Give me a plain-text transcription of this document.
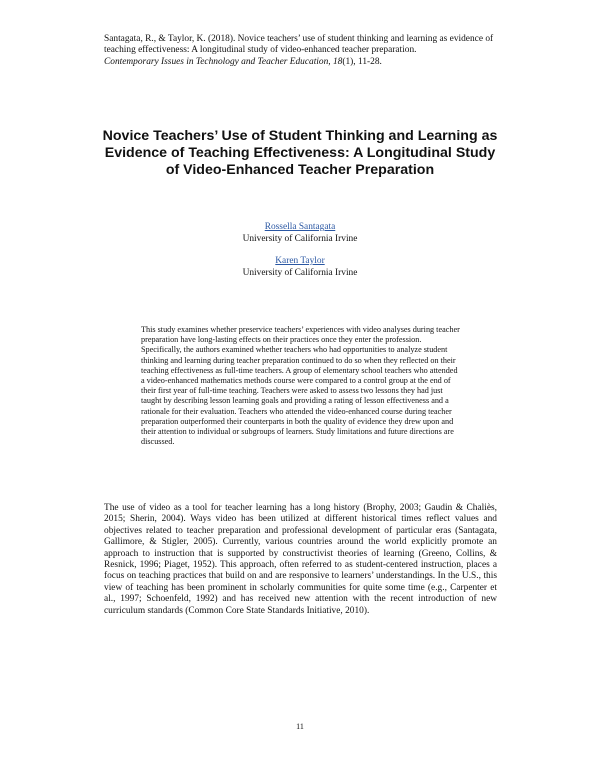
Santagata, R., & Taylor, K. (2018). Novice teachers’ use of student thinking and learning as evidence of teaching effectiveness: A longitudinal study of video-enhanced teacher preparation.
Contemporary Issues in Technology and Teacher Education, 18(1), 11-28.
Novice Teachers’ Use of Student Thinking and Learning as Evidence of Teaching Effectiveness: A Longitudinal Study of Video-Enhanced Teacher Preparation
Rossella Santagata
University of California Irvine
Karen Taylor
University of California Irvine
This study examines whether preservice teachers’ experiences with video analyses during teacher preparation have long-lasting effects on their practices once they enter the profession. Specifically, the authors examined whether teachers who had opportunities to analyze student thinking and learning during teacher preparation continued to do so when they reflected on their teaching effectiveness as full-time teachers. A group of elementary school teachers who attended a video-enhanced mathematics methods course were compared to a control group at the end of their first year of full-time teaching. Teachers were asked to assess two lessons they had just taught by describing lesson learning goals and providing a rating of lesson effectiveness and a rationale for their evaluation. Teachers who attended the video-enhanced course during teacher preparation outperformed their counterparts in both the quality of evidence they drew upon and their attention to individual or subgroups of learners. Study limitations and future directions are discussed.
The use of video as a tool for teacher learning has a long history (Brophy, 2003; Gaudin & Chaliès, 2015; Sherin, 2004). Ways video has been utilized at different historical times reflect values and objectives related to teacher preparation and professional development of particular eras (Santagata, Gallimore, & Stigler, 2005). Currently, various countries around the world explicitly promote an approach to instruction that is supported by constructivist theories of learning (Greeno, Collins, & Resnick, 1996; Piaget, 1952). This approach, often referred to as student-centered instruction, places a focus on teaching practices that build on and are responsive to learners’ understandings. In the U.S., this view of teaching has been prominent in scholarly communities for quite some time (e.g., Carpenter et al., 1997; Schoenfeld, 1992) and has received new attention with the recent introduction of new curriculum standards (Common Core State Standards Initiative, 2010).
11
